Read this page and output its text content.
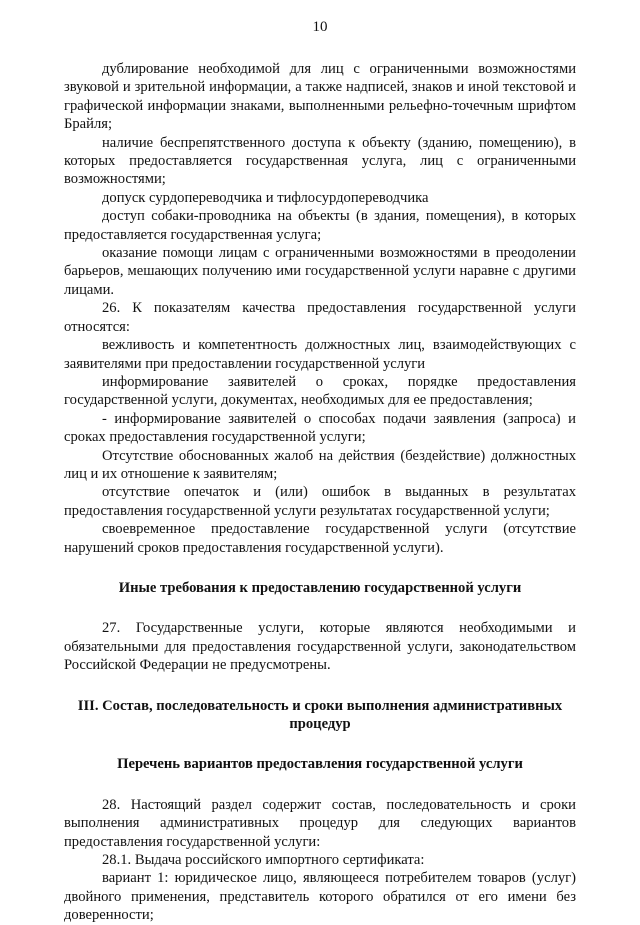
10

дублирование необходимой для лиц с ограниченными возможностями звуковой и зрительной информации, а также надписей, знаков и иной текстовой и графической информации знаками, выполненными рельефно-точечным шрифтом Брайля;

наличие беспрепятственного доступа к объекту (зданию, помещению), в которых предоставляется государственная услуга, лиц с ограниченными возможностями;

допуск сурдопереводчика и тифлосурдопереводчика

доступ собаки-проводника на объекты (в здания, помещения), в которых предоставляется государственная услуга;

оказание помощи лицам с ограниченными возможностями в преодолении барьеров, мешающих получению ими государственной услуги наравне с другими лицами.

26. К показателям качества предоставления государственной услуги относятся:

вежливость и компетентность должностных лиц, взаимодействующих с заявителями при предоставлении государственной услуги

информирование заявителей о сроках, порядке предоставления государственной услуги, документах, необходимых для ее предоставления;

- информирование заявителей о способах подачи заявления (запроса) и сроках предоставления государственной услуги;

Отсутствие обоснованных жалоб на действия (бездействие) должностных лиц и их отношение к заявителям;

отсутствие опечаток и (или) ошибок в выданных в результатах предоставления государственной услуги результатах государственной услуги;

своевременное предоставление государственной услуги (отсутствие нарушений сроков предоставления государственной услуги).

Иные требования к предоставлению государственной услуги

27. Государственные услуги, которые являются необходимыми и обязательными для предоставления государственной услуги, законодательством Российской Федерации не предусмотрены.

III. Состав, последовательность и сроки выполнения административных процедур

Перечень вариантов предоставления государственной услуги

28. Настоящий раздел содержит состав, последовательность и сроки выполнения административных процедур для следующих вариантов предоставления государственной услуги:

28.1. Выдача российского импортного сертификата:

вариант 1: юридическое лицо, являющееся потребителем товаров (услуг) двойного применения, представитель которого обратился от его имени без доверенности;
